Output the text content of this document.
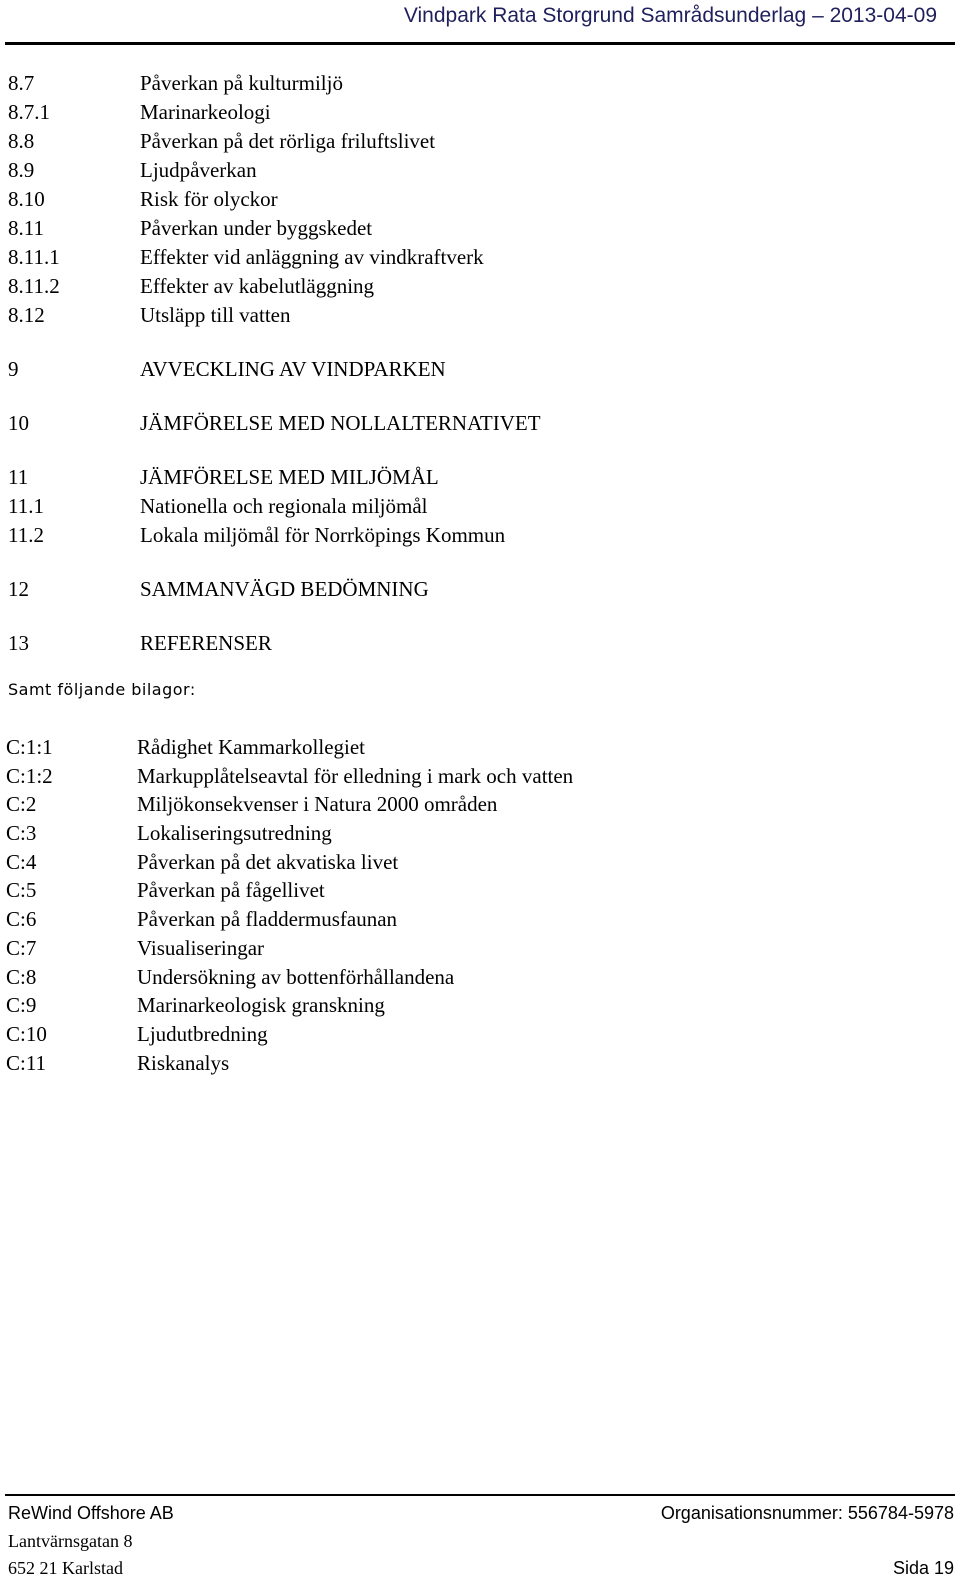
Vindpark Rata Storgrund Samrådsunderlag – 2013-04-09
8.7	Påverkan på kulturmiljö
8.7.1	Marinarkeologi
8.8	Påverkan på det rörliga friluftslivet
8.9	Ljudpåverkan
8.10	Risk för olyckor
8.11	Påverkan under byggskedet
8.11.1	Effekter vid anläggning av vindkraftverk
8.11.2	Effekter av kabelutläggning
8.12	Utsläpp till vatten
9	AVVECKLING AV VINDPARKEN
10	JÄMFÖRELSE MED NOLLALTERNATIVET
11	JÄMFÖRELSE MED MILJÖMÅL
11.1	Nationella och regionala miljömål
11.2	Lokala miljömål för Norrköpings Kommun
12	SAMMANVÄGD BEDÖMNING
13	REFERENSER
Samt följande bilagor:
C:1:1	Rådighet Kammarkollegiet
C:1:2	Markupplåtelseavtal för elledning i mark och vatten
C:2	Miljökonsekvenser i Natura 2000 områden
C:3	Lokaliseringsutredning
C:4	Påverkan på det akvatiska livet
C:5	Påverkan på fågellivet
C:6	Påverkan på fladdermusfaunan
C:7	Visualiseringar
C:8	Undersökning av bottenförhållandena
C:9	Marinarkeologisk granskning
C:10	Ljudutbredning
C:11	Riskanalys
ReWind Offshore AB	Organisationsnummer: 556784-5978
Lantvärnsgatan 8
652 21 Karlstad	Sida 19
